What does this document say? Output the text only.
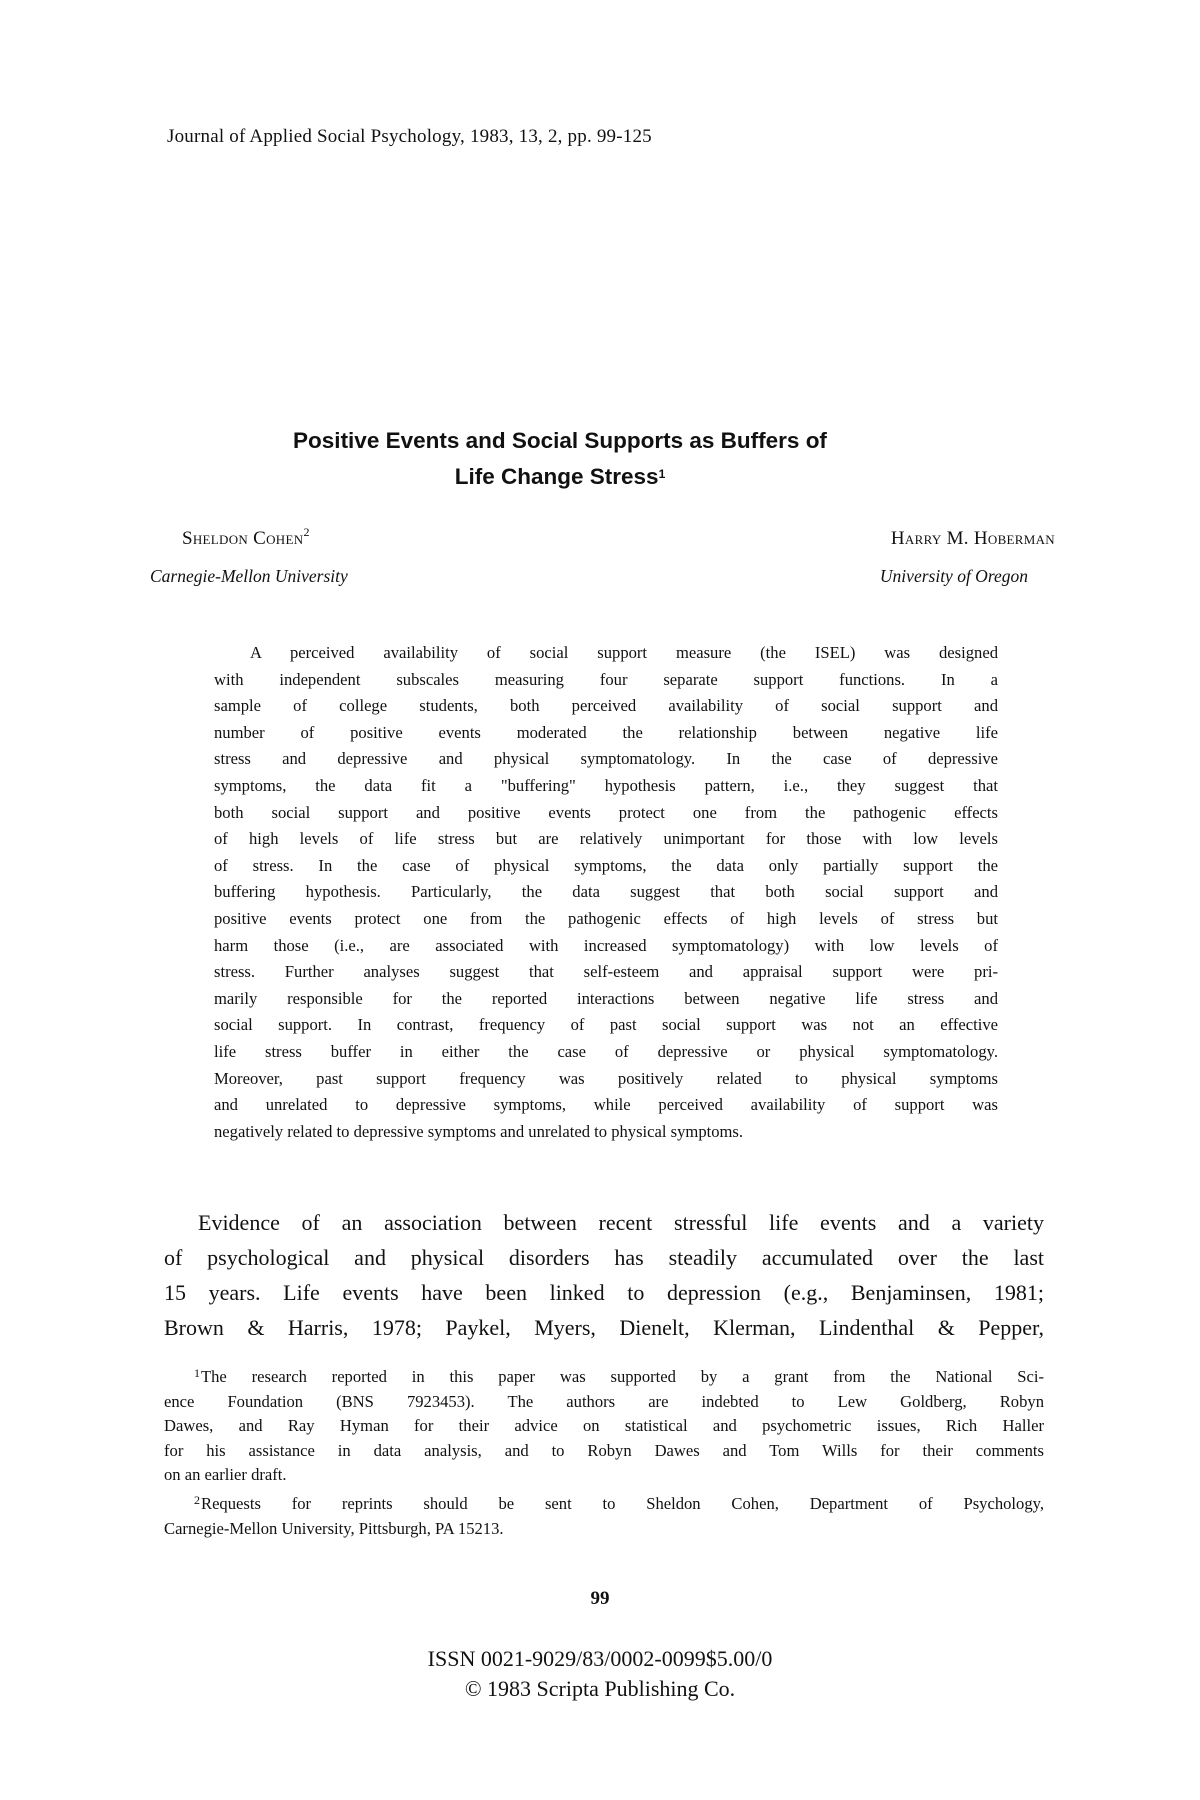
Journal of Applied Social Psychology, 1983, 13, 2, pp. 99-125
Positive Events and Social Supports as Buffers of
Life Change Stress$^1$
Sheldon Cohen$^2$	Harry M. Hoberman
Carnegie-Mellon University	University of Oregon
A perceived availability of social support measure (the ISEL) was designed
with independent subscales measuring four separate support functions. In a
sample of college students, both perceived availability of social support and
number of positive events moderated the relationship between negative life
stress and depressive and physical symptomatology. In the case of depressive
symptoms, the data fit a "buffering" hypothesis pattern, i.e., they suggest that
both social support and positive events protect one from the pathogenic effects
of high levels of life stress but are relatively unimportant for those with low levels
of stress. In the case of physical symptoms, the data only partially support the
buffering hypothesis. Particularly, the data suggest that both social support and
positive events protect one from the pathogenic effects of high levels of stress but
harm those (i.e., are associated with increased symptomatology) with low levels of
stress. Further analyses suggest that self-esteem and appraisal support were pri-
marily responsible for the reported interactions between negative life stress and
social support. In contrast, frequency of past social support was not an effective
life stress buffer in either the case of depressive or physical symptomatology.
Moreover, past support frequency was positively related to physical symptoms
and unrelated to depressive symptoms, while perceived availability of support was
negatively related to depressive symptoms and unrelated to physical symptoms.
Evidence of an association between recent stressful life events and a variety
of psychological and physical disorders has steadily accumulated over the last
15 years. Life events have been linked to depression (e.g., Benjaminsen, 1981;
Brown & Harris, 1978; Paykel, Myers, Dienelt, Klerman, Lindenthal & Pepper,
$^1$The research reported in this paper was supported by a grant from the National Sci-
ence Foundation (BNS 7923453). The authors are indebted to Lew Goldberg, Robyn
Dawes, and Ray Hyman for their advice on statistical and psychometric issues, Rich Haller
for his assistance in data analysis, and to Robyn Dawes and Tom Wills for their comments
on an earlier draft.
$^2$Requests for reprints should be sent to Sheldon Cohen, Department of Psychology,
Carnegie-Mellon University, Pittsburgh, PA 15213.
99
ISSN 0021-9029/83/0002-0099$5.00/0
© 1983 Scripta Publishing Co.
